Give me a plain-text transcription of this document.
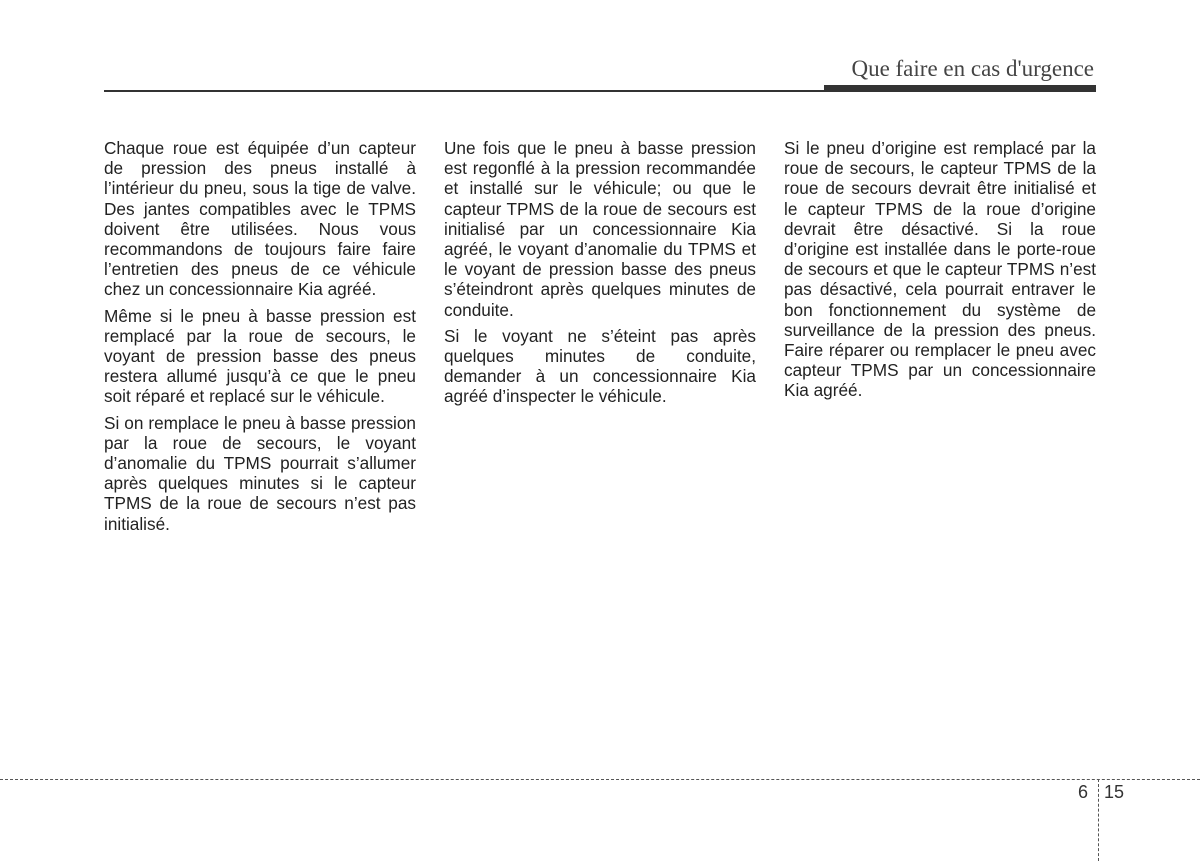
Que faire en cas d'urgence

Chaque roue est équipée d’un capteur de pression des pneus installé à l’intérieur du pneu, sous la tige de valve. Des jantes compatibles avec le TPMS doivent être utilisées. Nous vous recommandons de toujours faire faire l’entretien des pneus de ce véhicule chez un concessionnaire Kia agréé.

Même si le pneu à basse pression est remplacé par la roue de secours, le voyant de pression basse des pneus restera allumé jusqu’à ce que le pneu soit réparé et replacé sur le véhicule.

Si on remplace le pneu à basse pression par la roue de secours, le voyant d’anomalie du TPMS pourrait s’allumer après quelques minutes si le capteur TPMS de la roue de secours n’est pas initialisé.

Une fois que le pneu à basse pression est regonflé à la pression recommandée et installé sur le véhicule; ou que le capteur TPMS de la roue de secours est initialisé par un concessionnaire Kia agréé, le voyant d’anomalie du TPMS et le voyant de pression basse des pneus s’éteindront après quelques minutes de conduite.

Si le voyant ne s’éteint pas après quelques minutes de conduite, demander à un concessionnaire Kia agréé d’inspecter le véhicule.

Si le pneu d’origine est remplacé par la roue de secours, le capteur TPMS de la roue de secours devrait être initialisé et le capteur TPMS de la roue d’origine devrait être désactivé. Si la roue d’origine est installée dans le porte-roue de secours et que le capteur TPMS n’est pas désactivé, cela pourrait entraver le bon fonctionnement du système de surveillance de la pression des pneus. Faire réparer ou remplacer le pneu avec capteur TPMS par un concessionnaire Kia agréé.

6 15
